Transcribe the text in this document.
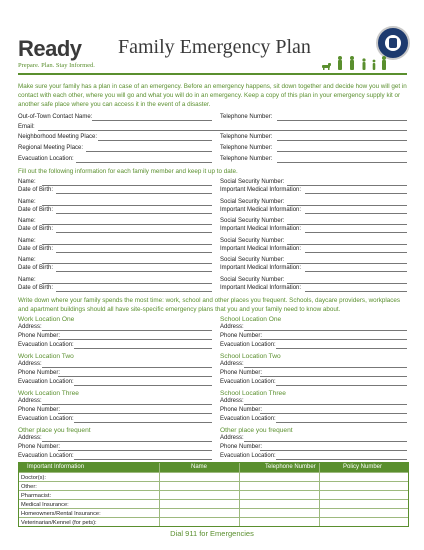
Ready
Prepare. Plan. Stay Informed.
Family Emergency Plan
Make sure your family has a plan in case of an emergency. Before an emergency happens, sit down together and decide how you will get in contact with each other, where you will go and what you will do in an emergency. Keep a copy of this plan in your emergency supply kit or another safe place where you can access it in the event of a disaster.
Out-of-Town Contact Name:	Telephone Number:
Email:
Neighborhood Meeting Place:	Telephone Number:
Regional Meeting Place:	Telephone Number:
Evacuation Location:	Telephone Number:
Fill out the following information for each family member and keep it up to date.
Name:	Social Security Number:
Date of Birth:	Important Medical Information:
Name:	Social Security Number:
Date of Birth:	Important Medical Information:
Name:	Social Security Number:
Date of Birth:	Important Medical Information:
Name:	Social Security Number:
Date of Birth:	Important Medical Information:
Name:	Social Security Number:
Date of Birth:	Important Medical Information:
Name:	Social Security Number:
Date of Birth:	Important Medical Information:
Write down where your family spends the most time: work, school and other places you frequent. Schools, daycare providers, workplaces and apartment buildings should all have site-specific emergency plans that you and your family need to know about.
Work Location One
Address:
Phone Number:
Evacuation Location:
School Location One
Address:
Phone Number:
Evacuation Location:
Work Location Two
Address:
Phone Number:
Evacuation Location:
School Location Two
Address:
Phone Number:
Evacuation Location:
Work Location Three
Address:
Phone Number:
Evacuation Location:
School Location Three
Address:
Phone Number:
Evacuation Location:
Other place you frequent
Address:
Phone Number:
Evacuation Location:
Other place you frequent
Address:
Phone Number:
Evacuation Location:
Important Information	Name	Telephone Number	Policy Number
Doctor(s):
Other:
Pharmacist:
Medical Insurance:
Homeowners/Rental Insurance:
Veterinarian/Kennel (for pets):
Dial 911 for Emergencies
